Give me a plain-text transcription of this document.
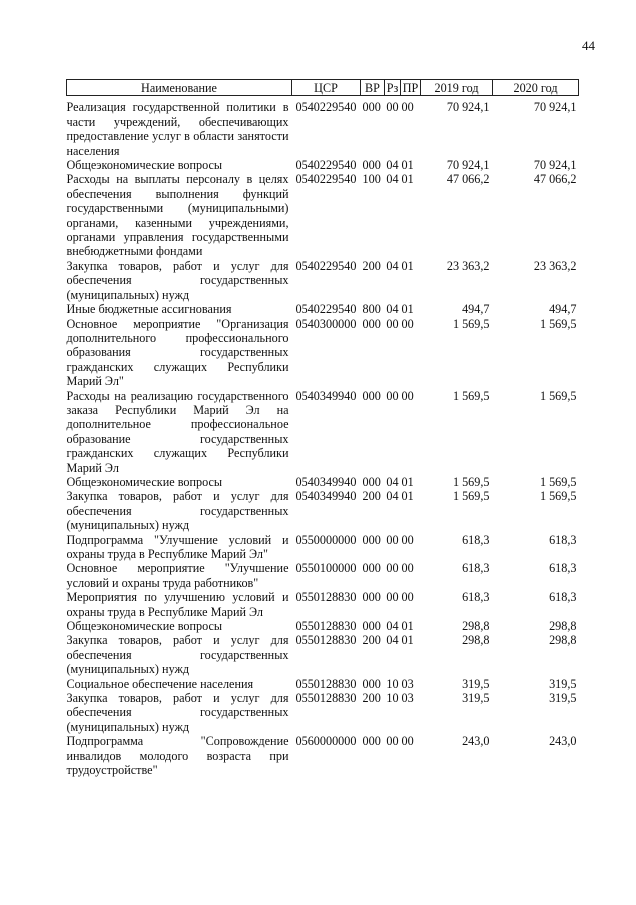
44
Наименование	ЦСР	ВР	Рз	ПР	2019 год	2020 год
Реализация государственной политики в части учреждений, обеспечивающих предоставление услуг в области занятости населения	0540229540	000	00	00	70 924,1	70 924,1
Общеэкономические вопросы	0540229540	000	04	01	70 924,1	70 924,1
Расходы на выплаты персоналу в целях обеспечения выполнения функций государственными (муниципальными) органами, казенными учреждениями, органами управления государственными внебюджетными фондами	0540229540	100	04	01	47 066,2	47 066,2
Закупка товаров, работ и услуг для обеспечения государственных (муниципальных) нужд	0540229540	200	04	01	23 363,2	23 363,2
Иные бюджетные ассигнования	0540229540	800	04	01	494,7	494,7
Основное мероприятие "Организация дополнительного профессионального образования государственных гражданских служащих Республики Марий Эл"	0540300000	000	00	00	1 569,5	1 569,5
Расходы на реализацию государственного заказа Республики Марий Эл на дополнительное профессиональное образование государственных гражданских служащих Республики Марий Эл	0540349940	000	00	00	1 569,5	1 569,5
Общеэкономические вопросы	0540349940	000	04	01	1 569,5	1 569,5
Закупка товаров, работ и услуг для обеспечения государственных (муниципальных) нужд	0540349940	200	04	01	1 569,5	1 569,5
Подпрограмма "Улучшение условий и охраны труда в Республике Марий Эл"	0550000000	000	00	00	618,3	618,3
Основное мероприятие "Улучшение условий и охраны труда работников"	0550100000	000	00	00	618,3	618,3
Мероприятия по улучшению условий и охраны труда в Республике Марий Эл	0550128830	000	00	00	618,3	618,3
Общеэкономические вопросы	0550128830	000	04	01	298,8	298,8
Закупка товаров, работ и услуг для обеспечения государственных (муниципальных) нужд	0550128830	200	04	01	298,8	298,8
Социальное обеспечение населения	0550128830	000	10	03	319,5	319,5
Закупка товаров, работ и услуг для обеспечения государственных (муниципальных) нужд	0550128830	200	10	03	319,5	319,5
Подпрограмма "Сопровождение инвалидов молодого возраста при трудоустройстве"	0560000000	000	00	00	243,0	243,0
